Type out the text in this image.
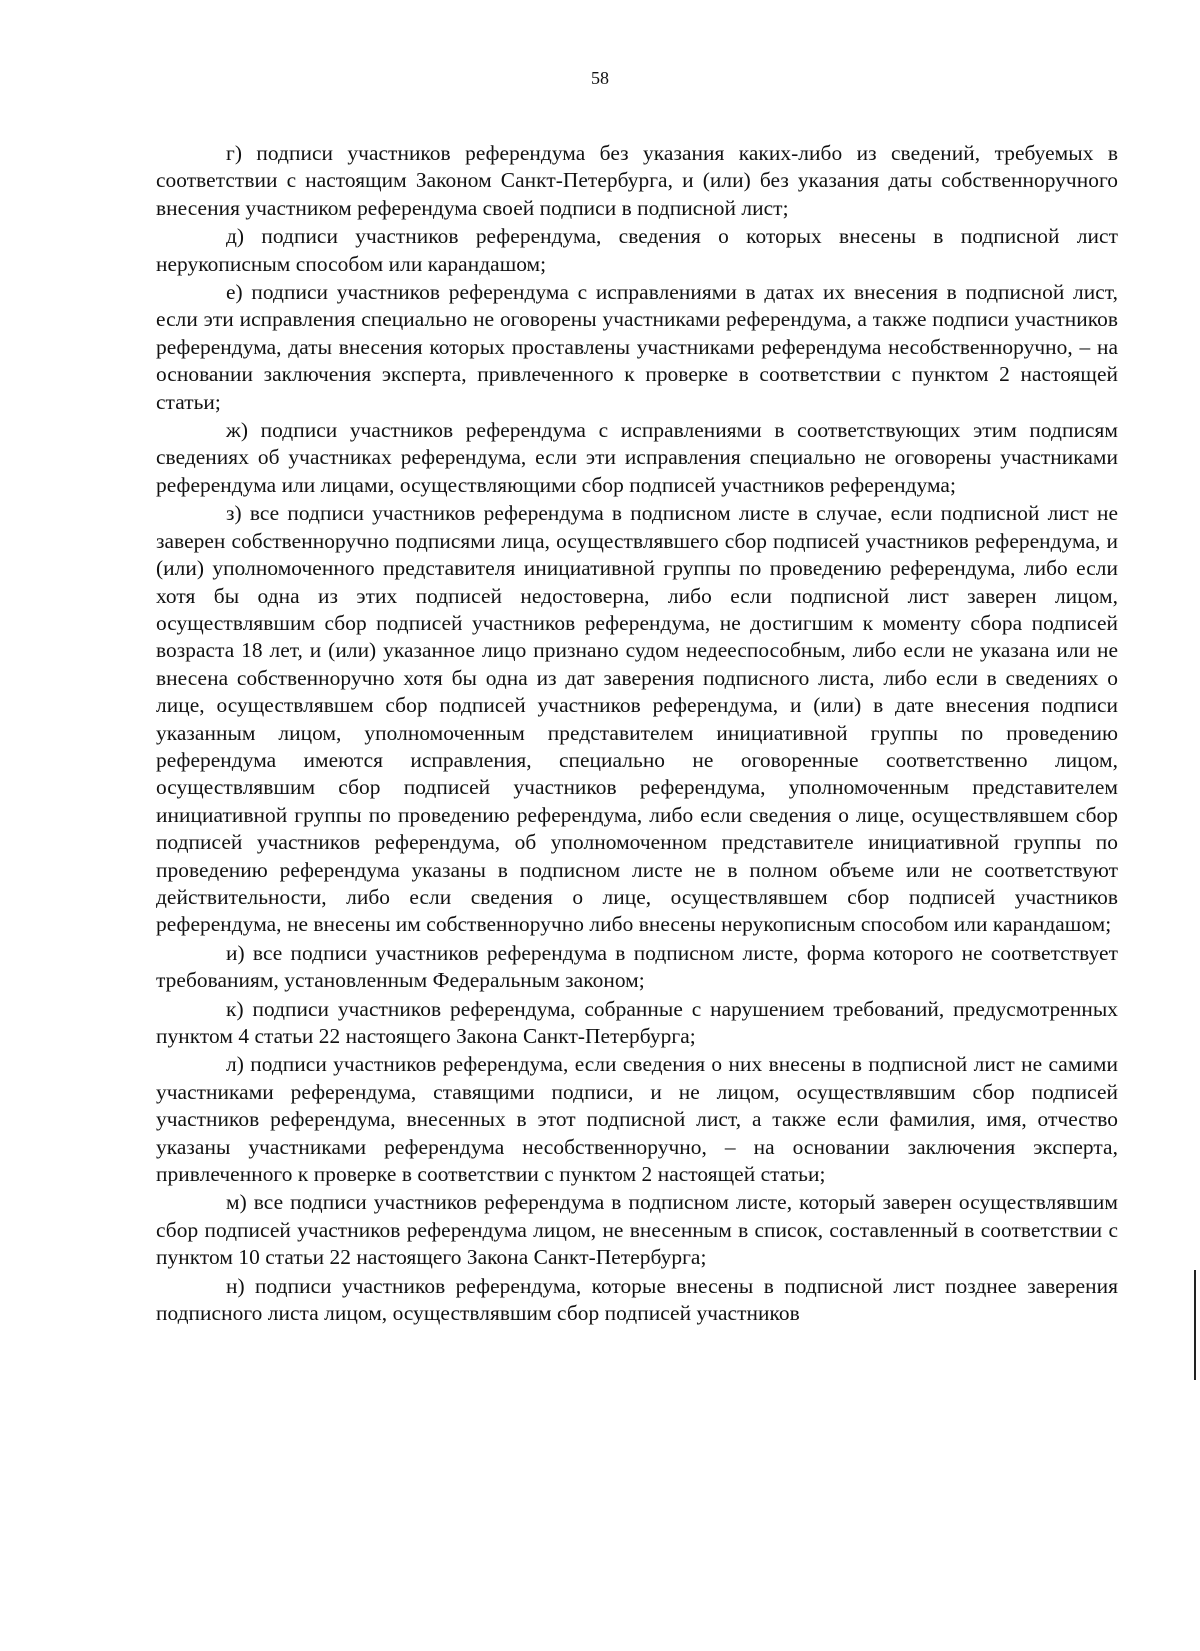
58

г) подписи участников референдума без указания каких-либо из сведений, требуемых в соответствии с настоящим Законом Санкт-Петербурга, и (или) без указания даты собственноручного внесения участником референдума своей подписи в подписной лист;

д) подписи участников референдума, сведения о которых внесены в подписной лист нерукописным способом или карандашом;

е) подписи участников референдума с исправлениями в датах их внесения в подписной лист, если эти исправления специально не оговорены участниками референдума, а также подписи участников референдума, даты внесения которых проставлены участниками референдума несобственноручно, – на основании заключения эксперта, привлеченного к проверке в соответствии с пунктом 2 настоящей статьи;

ж) подписи участников референдума с исправлениями в соответствующих этим подписям сведениях об участниках референдума, если эти исправления специально не оговорены участниками референдума или лицами, осуществляющими сбор подписей участников референдума;

з) все подписи участников референдума в подписном листе в случае, если подписной лист не заверен собственноручно подписями лица, осуществлявшего сбор подписей участников референдума, и (или) уполномоченного представителя инициативной группы по проведению референдума, либо если хотя бы одна из этих подписей недостоверна, либо если подписной лист заверен лицом, осуществлявшим сбор подписей участников референдума, не достигшим к моменту сбора подписей возраста 18 лет, и (или) указанное лицо признано судом недееспособным, либо если не указана или не внесена собственноручно хотя бы одна из дат заверения подписного листа, либо если в сведениях о лице, осуществлявшем сбор подписей участников референдума, и (или) в дате внесения подписи указанным лицом, уполномоченным представителем инициативной группы по проведению референдума имеются исправления, специально не оговоренные соответственно лицом, осуществлявшим сбор подписей участников референдума, уполномоченным представителем инициативной группы по проведению референдума, либо если сведения о лице, осуществлявшем сбор подписей участников референдума, об уполномоченном представителе инициативной группы по проведению референдума указаны в подписном листе не в полном объеме или не соответствуют действительности, либо если сведения о лице, осуществлявшем сбор подписей участников референдума, не внесены им собственноручно либо внесены нерукописным способом или карандашом;

и) все подписи участников референдума в подписном листе, форма которого не соответствует требованиям, установленным Федеральным законом;

к) подписи участников референдума, собранные с нарушением требований, предусмотренных пунктом 4 статьи 22 настоящего Закона Санкт-Петербурга;

л) подписи участников референдума, если сведения о них внесены в подписной лист не самими участниками референдума, ставящими подписи, и не лицом, осуществлявшим сбор подписей участников референдума, внесенных в этот подписной лист, а также если фамилия, имя, отчество указаны участниками референдума несобственноручно, – на основании заключения эксперта, привлеченного к проверке в соответствии с пунктом 2 настоящей статьи;

м) все подписи участников референдума в подписном листе, который заверен осуществлявшим сбор подписей участников референдума лицом, не внесенным в список, составленный в соответствии с пунктом 10 статьи 22 настоящего Закона Санкт-Петербурга;

н) подписи участников референдума, которые внесены в подписной лист позднее заверения подписного листа лицом, осуществлявшим сбор подписей участников
